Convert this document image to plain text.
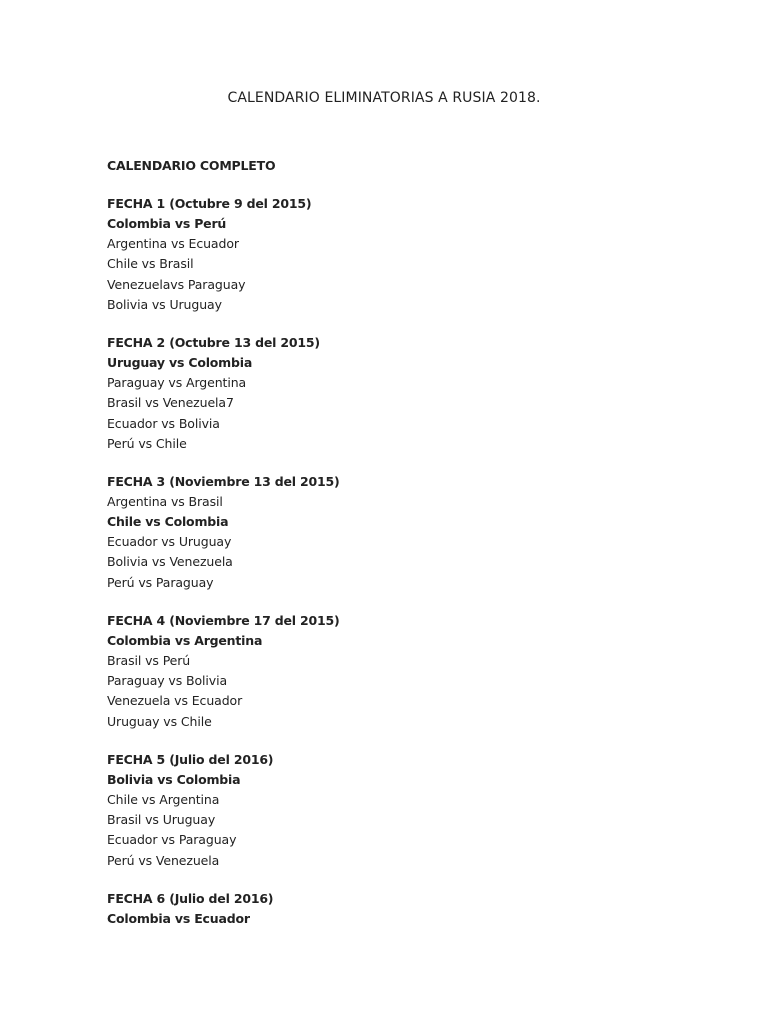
CALENDARIO ELIMINATORIAS A RUSIA 2018.
CALENDARIO COMPLETO
FECHA 1 (Octubre 9 del 2015)
Colombia vs Perú
Argentina vs Ecuador
Chile vs Brasil
Venezuelavs Paraguay
Bolivia vs Uruguay
FECHA 2 (Octubre 13 del 2015)
Uruguay vs Colombia
Paraguay vs Argentina
Brasil vs Venezuela7
Ecuador vs Bolivia
Perú vs Chile
FECHA 3 (Noviembre 13 del 2015)
Argentina vs Brasil
Chile vs Colombia
Ecuador vs Uruguay
Bolivia vs Venezuela
Perú vs Paraguay
FECHA 4 (Noviembre 17 del 2015)
Colombia vs Argentina
Brasil vs Perú
Paraguay vs Bolivia
Venezuela vs Ecuador
Uruguay vs Chile
FECHA 5 (Julio del 2016)
Bolivia vs Colombia
Chile vs Argentina
Brasil vs Uruguay
Ecuador vs Paraguay
Perú vs Venezuela
FECHA 6 (Julio del 2016)
Colombia vs Ecuador
